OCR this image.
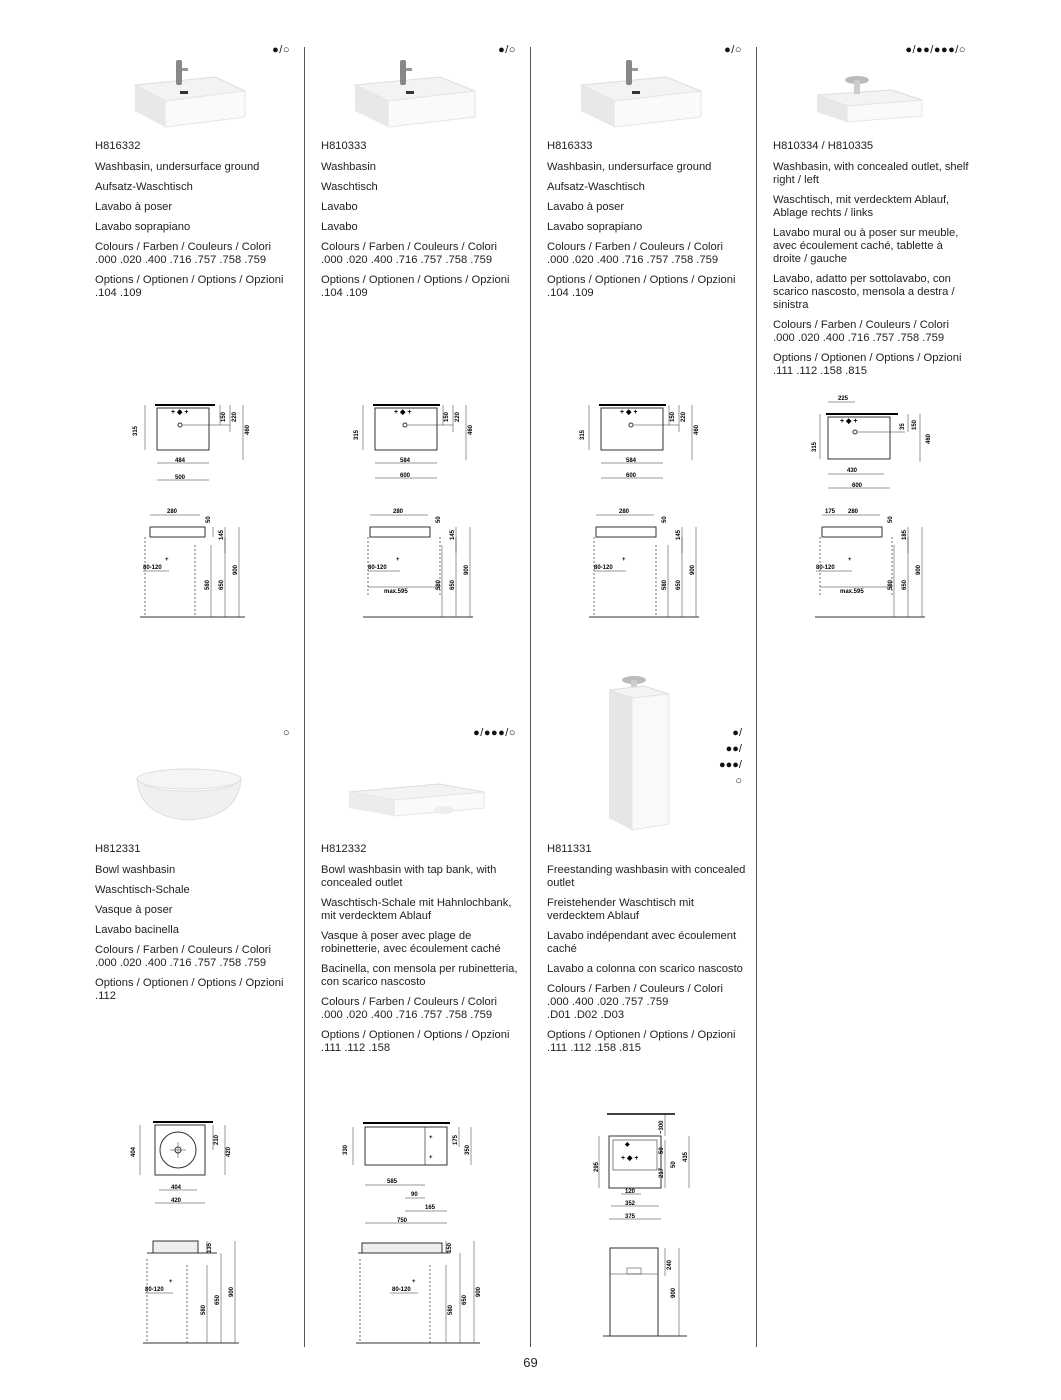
●/○
H816332
Washbasin, undersurface ground
Aufsatz-Waschtisch
Lavabo à poser
Lavabo soprapiano
Colours / Farben / Couleurs / Colori
.000 .020 .400 .716 .757 .758 .759
Options / Optionen / Options / Opzioni
.104 .109
+ ◆ +
315
484
500
150 220
460
280
+
80-120
50
145
580 650
900
●/○
H810333
Washbasin
Waschtisch
Lavabo
Lavabo
Colours / Farben / Couleurs / Colori
.000 .020 .400 .716 .757 .758 .759
Options / Optionen / Options / Opzioni
.104 .109
+ ◆ +
315
584
600
150 220
460
280
+
80-120
max.595
50
145
580 650
900
●/○
H816333
Washbasin, undersurface ground
Aufsatz-Waschtisch
Lavabo à poser
Lavabo soprapiano
Colours / Farben / Couleurs / Colori
.000 .020 .400 .716 .757 .758 .759
Options / Optionen / Options / Opzioni
.104 .109
+ ◆ +
315
584
600
150 220
460
280
+
80-120
50
145
580 650
900
●/●●/●●●/○
H810334 / H810335
Washbasin, with concealed outlet, shelf right / left
Waschtisch, mit verdecktem Ablauf, Ablage rechts / links
Lavabo mural ou à poser sur meuble, avec écoulement caché, tablette à droite / gauche
Lavabo, adatto per sottolavabo, con scarico nascosto, mensola a destra / sinistra
Colours / Farben / Couleurs / Colori
.000 .020 .400 .716 .757 .758 .759
Options / Optionen / Options / Opzioni
.111 .112 .158 .815
225
+ ◆ +
315
430
600
35 150
460
175 280
+
80-120
max.595
50
185
580 650
900
○
H812331
Bowl washbasin
Waschtisch-Schale
Vasque à poser
Lavabo bacinella
Colours / Farben / Couleurs / Colori
.000 .020 .400 .716 .757 .758 .759
Options / Optionen / Options / Opzioni
.112
404
404
420
210
420
+
80-120
135
580
650
900
●/●●●/○
H812332
Bowl washbasin with tap bank, with concealed outlet
Waschtisch-Schale mit Hahnlochbank, mit verdecktem Ablauf
Vasque à poser avec plage de robinetterie, avec écoulement caché
Bacinella, con mensola per rubinetteria, con scarico nascosto
Colours / Farben / Couleurs / Colori
.000 .020 .400 .716 .757 .758 .759
Options / Optionen / Options / Opzioni
.111 .112 .158
+
+
330
175
350
585
90
165
750
+
80-120
150
580
650
900
●/
●●/
●●●/
○
H811331
Freestanding washbasin with concealed outlet
Freistehender Waschtisch mit verdecktem Ablauf
Lavabo indépendant avec écoulement caché
Lavabo a colonna con scarico nascosto
Colours / Farben / Couleurs / Colori
.000 .400 .020 .757 .759
.D01 .D02 .D03
Options / Optionen / Options / Opzioni
.111 .112 .158 .815
◆
+ ◆ +
295
~300
50
217
50
435
120
352
375
240
900
69
